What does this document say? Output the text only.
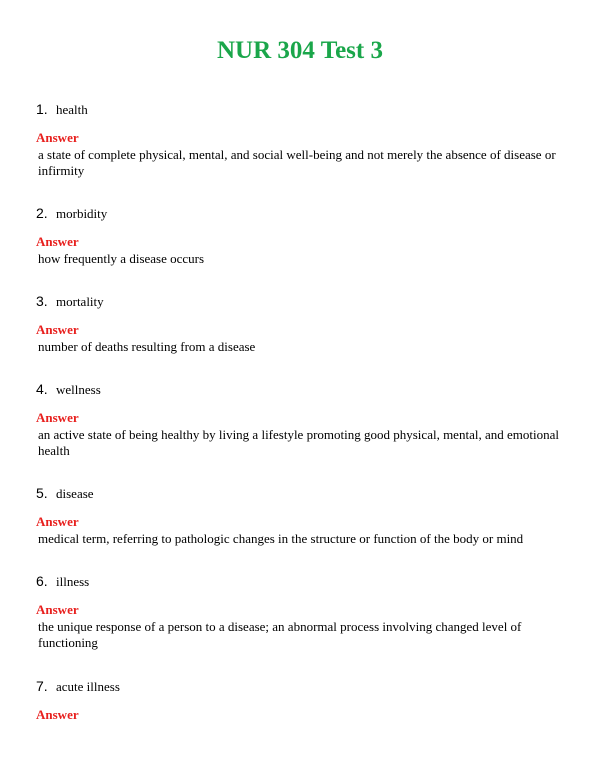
NUR 304 Test 3
1. health
Answer
a state of complete physical, mental, and social well-being and not merely the absence of disease or infirmity
2. morbidity
Answer
how frequently a disease occurs
3. mortality
Answer
number of deaths resulting from a disease
4. wellness
Answer
an active state of being healthy by living a lifestyle promoting good physical, mental, and emotional health
5. disease
Answer
medical term, referring to pathologic changes in the structure or function of the body or mind
6. illness
Answer
the unique response of a person to a disease; an abnormal process involving changed level of functioning
7. acute illness
Answer
